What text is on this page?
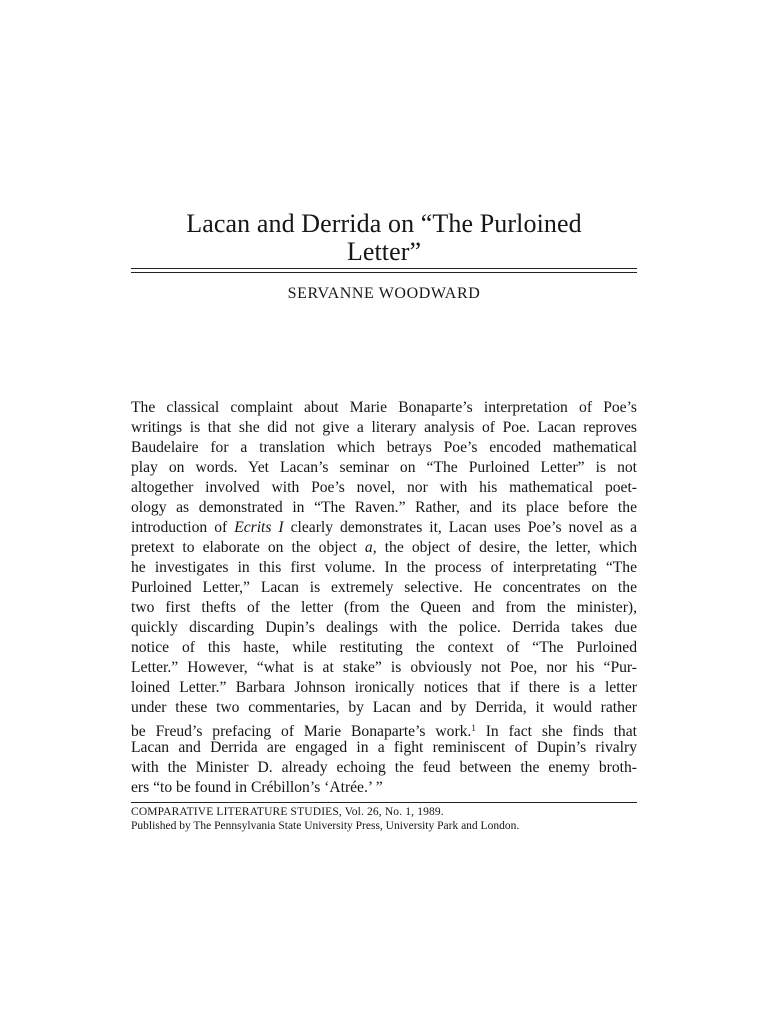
Lacan and Derrida on “The Purloined
Letter”
SERVANNE WOODWARD
The classical complaint about Marie Bonaparte’s interpretation of Poe’s
writings is that she did not give a literary analysis of Poe. Lacan reproves
Baudelaire for a translation which betrays Poe’s encoded mathematical
play on words. Yet Lacan’s seminar on “The Purloined Letter” is not
altogether involved with Poe’s novel, nor with his mathematical poet-
ology as demonstrated in “The Raven.” Rather, and its place before the
introduction of Ecrits I clearly demonstrates it, Lacan uses Poe’s novel as a
pretext to elaborate on the object a, the object of desire, the letter, which
he investigates in this first volume. In the process of interpretating “The
Purloined Letter,” Lacan is extremely selective. He concentrates on the
two first thefts of the letter (from the Queen and from the minister),
quickly discarding Dupin’s dealings with the police. Derrida takes due
notice of this haste, while restituting the context of “The Purloined
Letter.” However, “what is at stake” is obviously not Poe, nor his “Pur-
loined Letter.” Barbara Johnson ironically notices that if there is a letter
under these two commentaries, by Lacan and by Derrida, it would rather
be Freud’s prefacing of Marie Bonaparte’s work.$^1$ In fact she finds that
Lacan and Derrida are engaged in a fight reminiscent of Dupin’s rivalry
with the Minister D. already echoing the feud between the enemy broth-
ers “to be found in Crébillon’s ‘Atrée.’ ”
COMPARATIVE LITERATURE STUDIES, Vol. 26, No. 1, 1989.
Published by The Pennsylvania State University Press, University Park and London.
